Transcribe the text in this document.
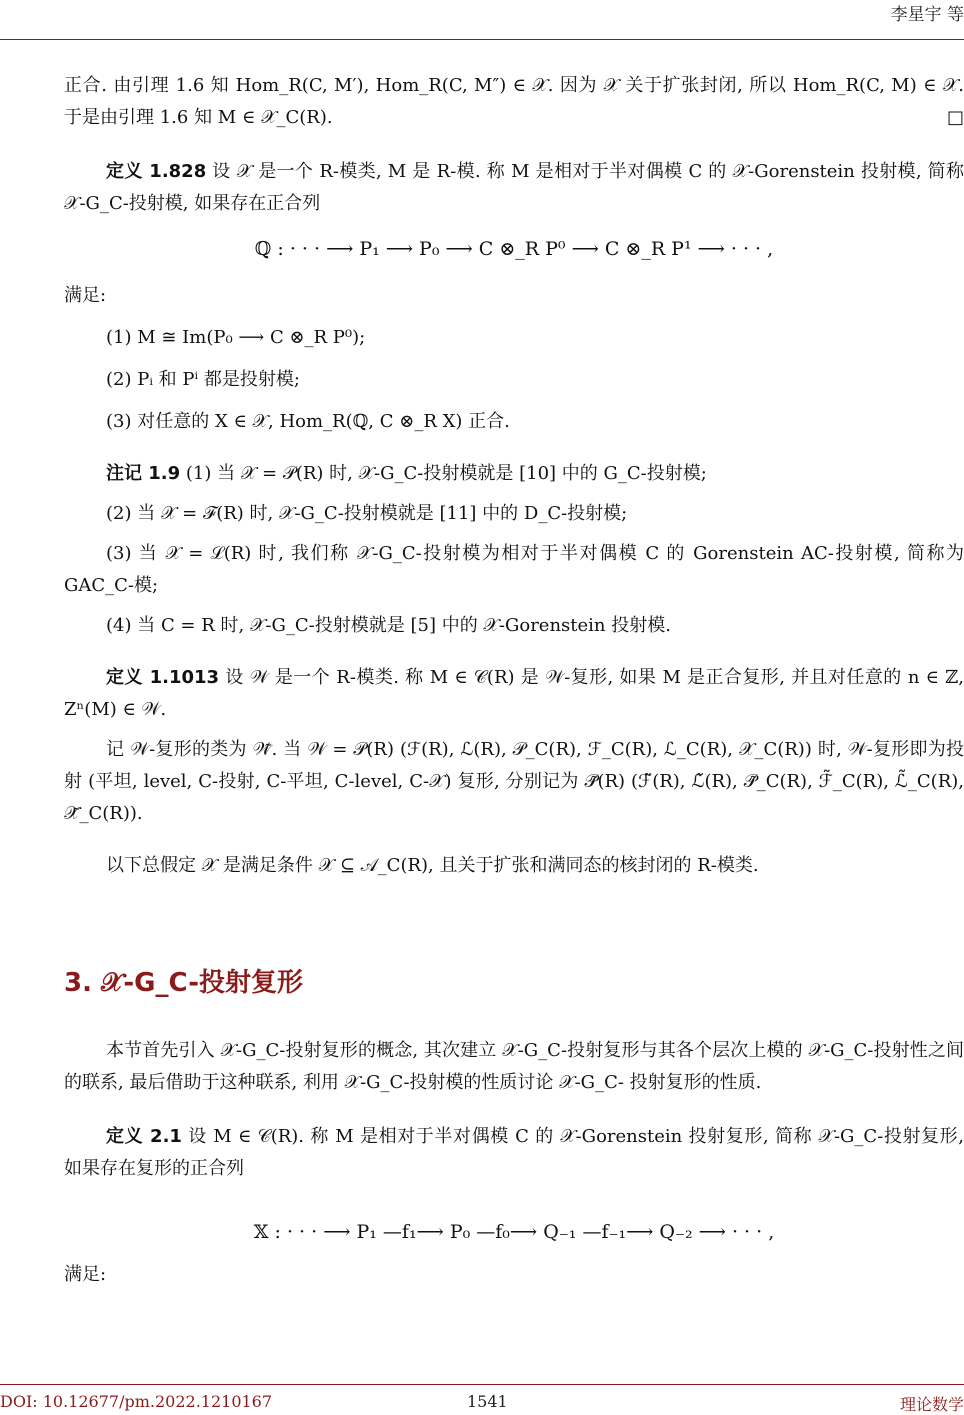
李星宇 等

正合. 由引理 1.6 知 Hom_R(C, M′), Hom_R(C, M″) ∈ 𝒳. 因为 𝒳 关于扩张封闭, 所以 Hom_R(C, M) ∈ 𝒳. 于是由引理 1.6 知 M ∈ 𝒳_C(R).	□

定义 1.828 设 𝒳 是一个 R-模类, M 是 R-模. 称 M 是相对于半对偶模 C 的 𝒳-Gorenstein 投射模, 简称 𝒳-G_C-投射模, 如果存在正合列

ℚ : · · · ⟶ P₁ ⟶ P₀ ⟶ C ⊗_R P⁰ ⟶ C ⊗_R P¹ ⟶ · · · ,

满足:

(1) M ≅ Im(P₀ ⟶ C ⊗_R P⁰);

(2) Pᵢ 和 Pⁱ 都是投射模;

(3) 对任意的 X ∈ 𝒳, Hom_R(ℚ, C ⊗_R X) 正合.

注记 1.9 (1) 当 𝒳 = 𝒫(R) 时, 𝒳-G_C-投射模就是 [10] 中的 G_C-投射模;

(2) 当 𝒳 = ℱ(R) 时, 𝒳-G_C-投射模就是 [11] 中的 D_C-投射模;

(3) 当 𝒳 = ℒ(R) 时, 我们称 𝒳-G_C-投射模为相对于半对偶模 C 的 Gorenstein AC-投射模, 简称为 GAC_C-模;

(4) 当 C = R 时, 𝒳-G_C-投射模就是 [5] 中的 𝒳-Gorenstein 投射模.

定义 1.1013 设 𝒲 是一个 R-模类. 称 M ∈ 𝒞(R) 是 𝒲-复形, 如果 M 是正合复形, 并且对任意的 n ∈ ℤ, Zⁿ(M) ∈ 𝒲.

记 𝒲-复形的类为 𝒲̃. 当 𝒲 = 𝒫(R) (ℱ(R), ℒ(R), 𝒫_C(R), ℱ_C(R), ℒ_C(R), 𝒳_C(R)) 时, 𝒲-复形即为投射 (平坦, level, C-投射, C-平坦, C-level, C-𝒳) 复形, 分别记为 𝒫̃(R) (ℱ̃(R), ℒ̃(R), 𝒫̃_C(R), ℱ̃_C(R), ℒ̃_C(R), 𝒳̃_C(R)).

以下总假定 𝒳 是满足条件 𝒳 ⊆ 𝒜_C(R), 且关于扩张和满同态的核封闭的 R-模类.

3. 𝒳-G_C-投射复形

本节首先引入 𝒳-G_C-投射复形的概念, 其次建立 𝒳-G_C-投射复形与其各个层次上模的 𝒳-G_C-投射性之间的联系, 最后借助于这种联系, 利用 𝒳-G_C-投射模的性质讨论 𝒳-G_C- 投射复形的性质.

定义 2.1 设 M ∈ 𝒞(R). 称 M 是相对于半对偶模 C 的 𝒳-Gorenstein 投射复形, 简称 𝒳-G_C-投射复形, 如果存在复形的正合列

𝕏 : · · · ⟶ P₁ —f₁⟶ P₀ —f₀⟶ Q₋₁ —f₋₁⟶ Q₋₂ ⟶ · · · ,

满足:

DOI: 10.12677/pm.2022.1210167	1541	理论数学
